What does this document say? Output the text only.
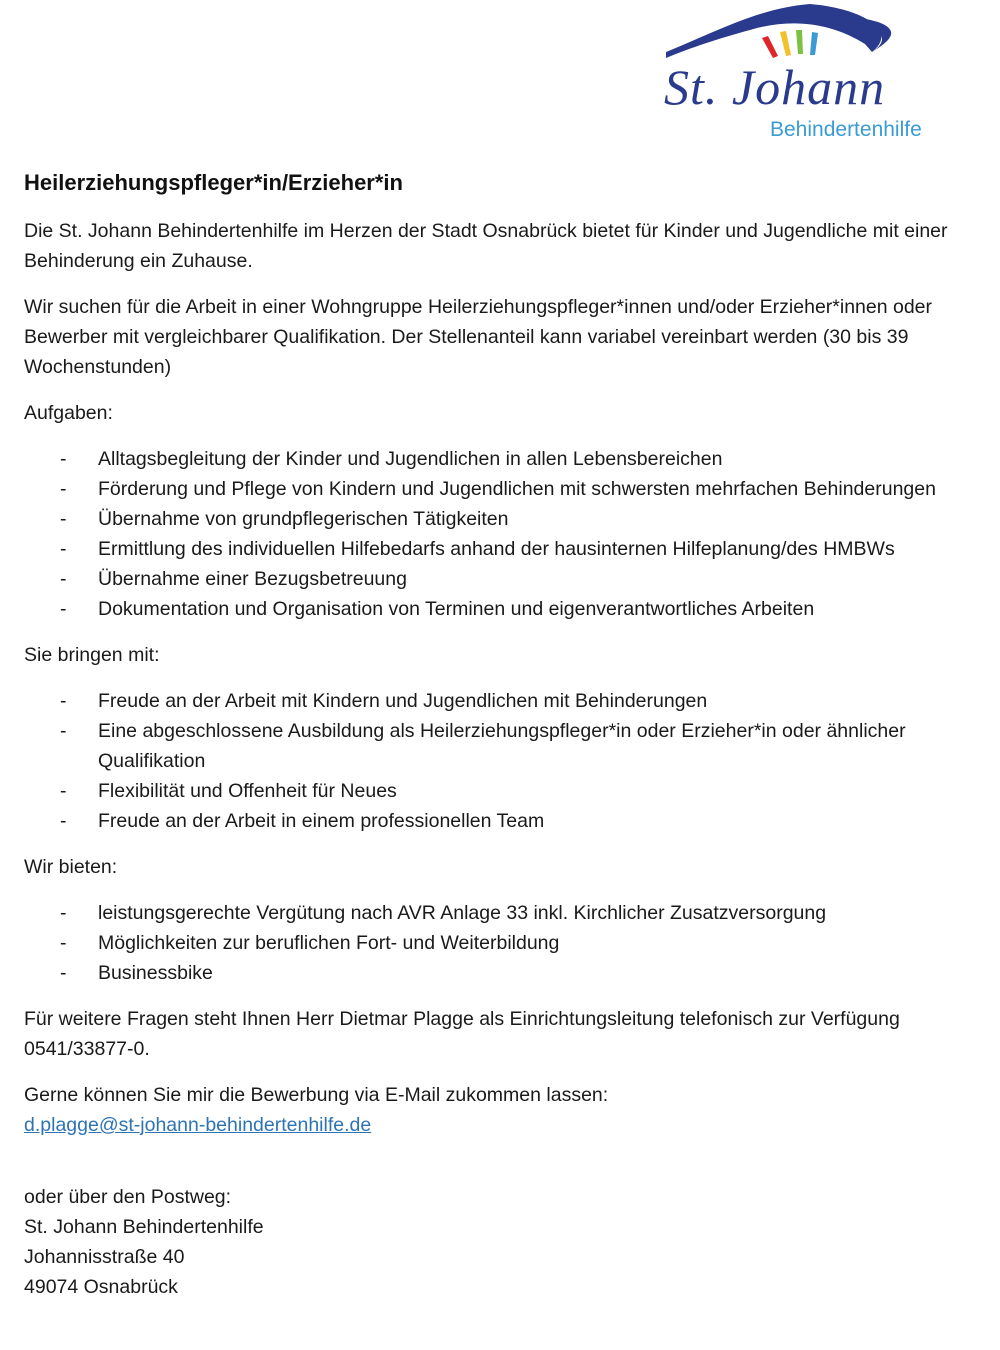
St. Johann
Behindertenhilfe
Heilerziehungspfleger*in/Erzieher*in

Die St. Johann Behindertenhilfe im Herzen der Stadt Osnabrück bietet für Kinder und Jugendliche mit einer Behinderung ein Zuhause.

Wir suchen für die Arbeit in einer Wohngruppe Heilerziehungspfleger*innen und/oder Erzieher*innen oder Bewerber mit vergleichbarer Qualifikation. Der Stellenanteil kann variabel vereinbart werden (30 bis 39 Wochenstunden)

Aufgaben:

- Alltagsbegleitung der Kinder und Jugendlichen in allen Lebensbereichen
- Förderung und Pflege von Kindern und Jugendlichen mit schwersten mehrfachen Behinderungen
- Übernahme von grundpflegerischen Tätigkeiten
- Ermittlung des individuellen Hilfebedarfs anhand der hausinternen Hilfeplanung/des HMBWs
- Übernahme einer Bezugsbetreuung
- Dokumentation und Organisation von Terminen und eigenverantwortliches Arbeiten

Sie bringen mit:

- Freude an der Arbeit mit Kindern und Jugendlichen mit Behinderungen
- Eine abgeschlossene Ausbildung als Heilerziehungspfleger*in oder Erzieher*in oder ähnlicher Qualifikation
- Flexibilität und Offenheit für Neues
- Freude an der Arbeit in einem professionellen Team

Wir bieten:

- leistungsgerechte Vergütung nach AVR Anlage 33 inkl. Kirchlicher Zusatzversorgung
- Möglichkeiten zur beruflichen Fort- und Weiterbildung
- Businessbike

Für weitere Fragen steht Ihnen Herr Dietmar Plagge als Einrichtungsleitung telefonisch zur Verfügung 0541/33877-0.

Gerne können Sie mir die Bewerbung via E-Mail zukommen lassen:
d.plagge@st-johann-behindertenhilfe.de

oder über den Postweg:

St. Johann Behindertenhilfe

Johannisstraße 40

49074 Osnabrück
